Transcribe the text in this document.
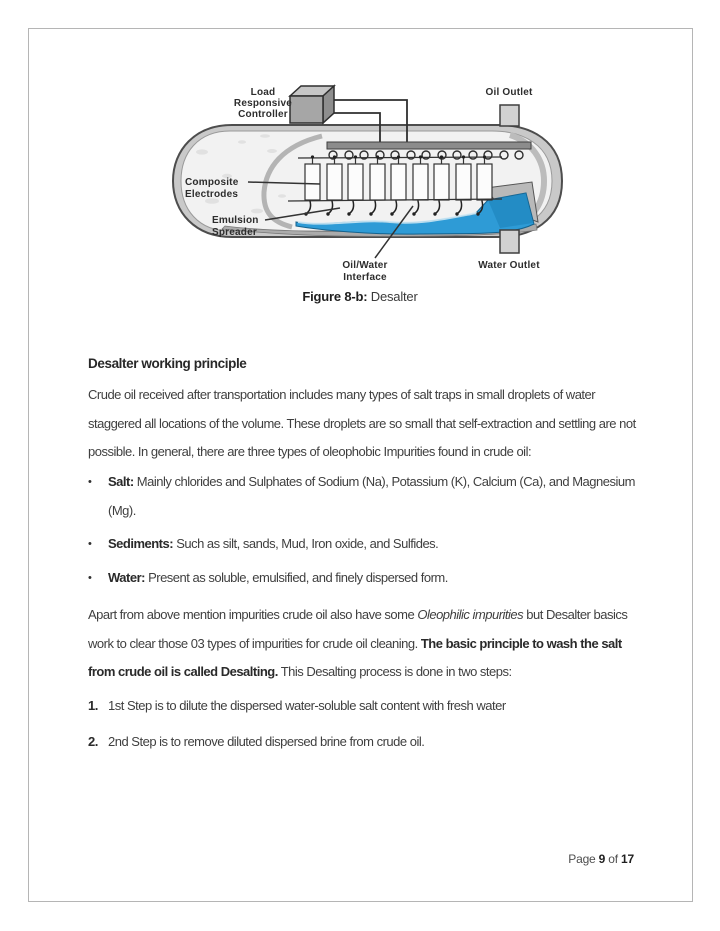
Load
Responsive
Controller
Oil Outlet
Composite
Electrodes
Emulsion
Spreader
Oil/Water
Interface
Water Outlet
Figure 8-b: Desalter
Desalter working principle
Crude oil received after transportation includes many types of salt traps in small droplets of water staggered all locations of the volume. These droplets are so small that self-extraction and settling are not possible. In general, there are three types of oleophobic Impurities found in crude oil:
•	Salt: Mainly chlorides and Sulphates of Sodium (Na), Potassium (K), Calcium (Ca), and Magnesium (Mg).
•	Sediments: Such as silt, sands, Mud, Iron oxide, and Sulfides.
•	Water: Present as soluble, emulsified, and finely dispersed form.
Apart from above mention impurities crude oil also have some Oleophilic impurities but Desalter basics work to clear those 03 types of impurities for crude oil cleaning. The basic principle to wash the salt from crude oil is called Desalting. This Desalting process is done in two steps:
1. 1st Step is to dilute the dispersed water-soluble salt content with fresh water
2. 2nd Step is to remove diluted dispersed brine from crude oil.
Page 9 of 17
